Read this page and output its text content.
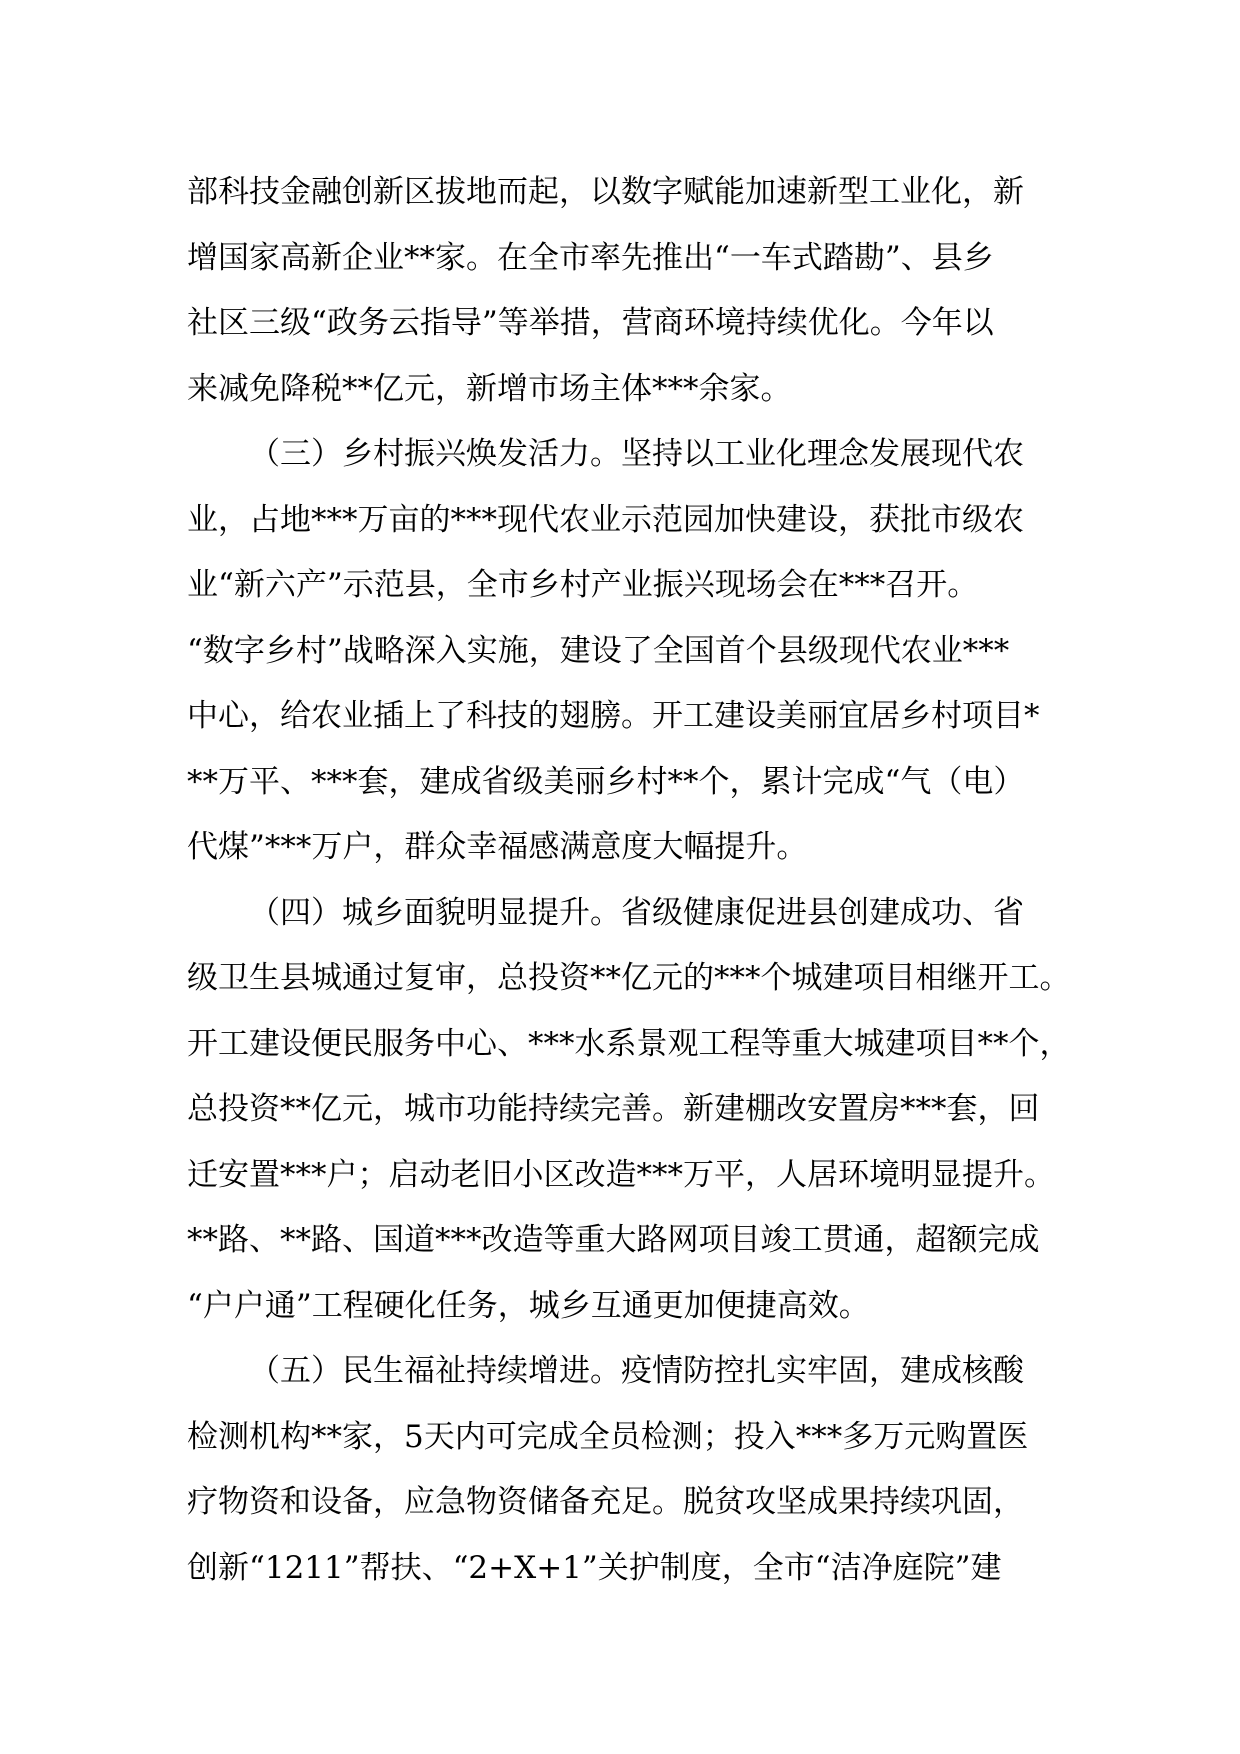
部科技金融创新区拔地而起，以数字赋能加速新型工业化，新
增国家高新企业**家。在全市率先推出“一车式踏勘”、县乡
社区三级“政务云指导”等举措，营商环境持续优化。今年以
来减免降税**亿元，新增市场主体***余家。
（三）乡村振兴焕发活力。坚持以工业化理念发展现代农
业，占地***万亩的***现代农业示范园加快建设，获批市级农
业“新六产”示范县，全市乡村产业振兴现场会在***召开。
“数字乡村”战略深入实施，建设了全国首个县级现代农业***
中心，给农业插上了科技的翅膀。开工建设美丽宜居乡村项目*
**万平、***套，建成省级美丽乡村**个，累计完成“气（电）
代煤”***万户，群众幸福感满意度大幅提升。
（四）城乡面貌明显提升。省级健康促进县创建成功、省
级卫生县城通过复审，总投资**亿元的***个城建项目相继开工。
开工建设便民服务中心、***水系景观工程等重大城建项目**个，
总投资**亿元，城市功能持续完善。新建棚改安置房***套，回
迁安置***户；启动老旧小区改造***万平，人居环境明显提升。
**路、**路、国道***改造等重大路网项目竣工贯通，超额完成
“户户通”工程硬化任务，城乡互通更加便捷高效。
（五）民生福祉持续增进。疫情防控扎实牢固，建成核酸
检测机构**家，5天内可完成全员检测；投入***多万元购置医
疗物资和设备，应急物资储备充足。脱贫攻坚成果持续巩固，
创新“1211”帮扶、“2+X+1”关护制度，全市“洁净庭院”建
